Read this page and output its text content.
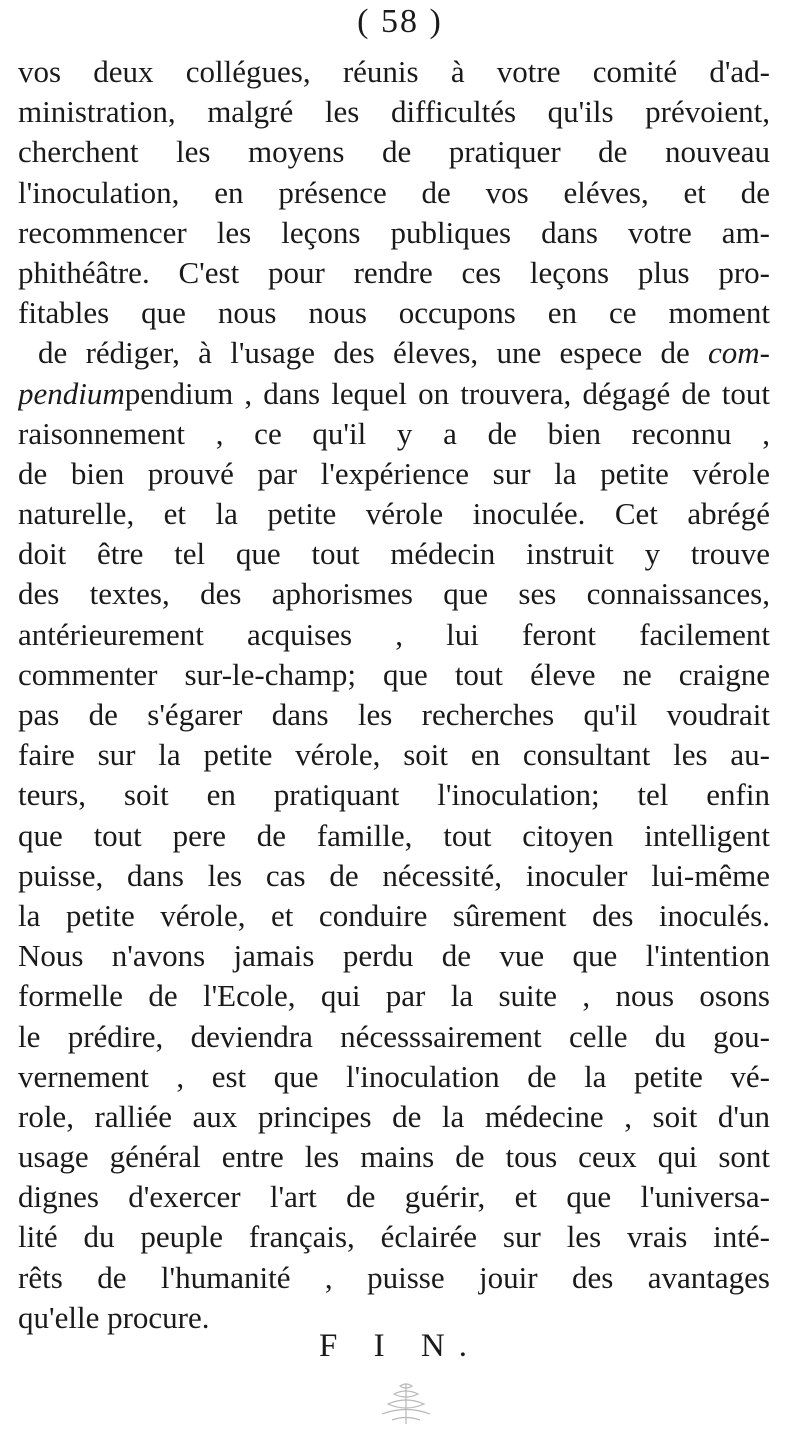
( 58 )
vos deux collégues, réunis à votre comité d'ad-
ministration, malgré les difficultés qu'ils prévoient,
cherchent les moyens de pratiquer de nouveau
l'inoculation, en présence de vos eléves, et de
recommencer les leçons publiques dans votre am-
phithéâtre. C'est pour rendre ces leçons plus pro-
fitables que nous nous occupons en ce moment
de rédiger, à l'usage des éleves, une espece de com-
pendiumpendium , dans lequel on trouvera, dégagé de tout
raisonnement , ce qu'il y a de bien reconnu ,
de bien prouvé par l'expérience sur la petite vérole
naturelle, et la petite vérole inoculée. Cet abrégé
doit être tel que tout médecin instruit y trouve
des textes, des aphorismes que ses connaissances,
antérieurement acquises , lui feront facilement
commenter sur-le-champ; que tout éleve ne craigne
pas de s'égarer dans les recherches qu'il voudrait
faire sur la petite vérole, soit en consultant les au-
teurs, soit en pratiquant l'inoculation; tel enfin
que tout pere de famille, tout citoyen intelligent
puisse, dans les cas de nécessité, inoculer lui-même
la petite vérole, et conduire sûrement des inoculés.
Nous n'avons jamais perdu de vue que l'intention
formelle de l'Ecole, qui par la suite , nous osons
le prédire, deviendra nécesssairement celle du gou-
vernement , est que l'inoculation de la petite vé-
role, ralliée aux principes de la médecine , soit d'un
usage général entre les mains de tous ceux qui sont
dignes d'exercer l'art de guérir, et que l'universa-
lité du peuple français, éclairée sur les vrais inté-
rêts de l'humanité , puisse jouir des avantages
qu'elle procure.
F I N.
